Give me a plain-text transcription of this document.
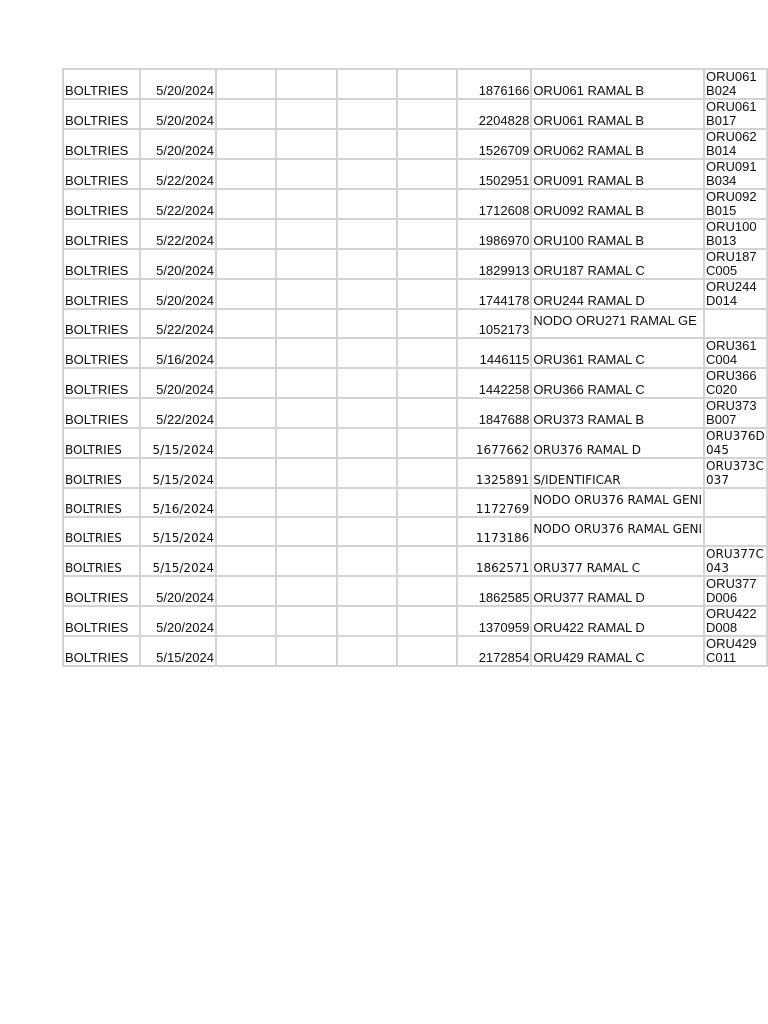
BOLTRIES	5/20/2024					1876166	ORU061 RAMAL B	ORU061B024
BOLTRIES	5/20/2024					2204828	ORU061 RAMAL B	ORU061B017
BOLTRIES	5/20/2024					1526709	ORU062 RAMAL B	ORU062B014
BOLTRIES	5/22/2024					1502951	ORU091 RAMAL B	ORU091B034
BOLTRIES	5/22/2024					1712608	ORU092 RAMAL B	ORU092B015
BOLTRIES	5/22/2024					1986970	ORU100 RAMAL B	ORU100B013
BOLTRIES	5/20/2024					1829913	ORU187 RAMAL C	ORU187C005
BOLTRIES	5/20/2024					1744178	ORU244 RAMAL D	ORU244D014
BOLTRIES	5/22/2024					1052173	NODO ORU271 RAMAL GE	
BOLTRIES	5/16/2024					1446115	ORU361 RAMAL C	ORU361C004
BOLTRIES	5/20/2024					1442258	ORU366 RAMAL C	ORU366C020
BOLTRIES	5/22/2024					1847688	ORU373 RAMAL B	ORU373B007
BOLTRIES	5/15/2024					1677662	ORU376 RAMAL D	ORU376D045
BOLTRIES	5/15/2024					1325891	S/IDENTIFICAR	ORU373C037
BOLTRIES	5/16/2024					1172769	NODO ORU376 RAMAL GENI	
BOLTRIES	5/15/2024					1173186	NODO ORU376 RAMAL GENI	
BOLTRIES	5/15/2024					1862571	ORU377 RAMAL C	ORU377C043
BOLTRIES	5/20/2024					1862585	ORU377 RAMAL D	ORU377D006
BOLTRIES	5/20/2024					1370959	ORU422 RAMAL D	ORU422D008
BOLTRIES	5/15/2024					2172854	ORU429 RAMAL C	ORU429C011
